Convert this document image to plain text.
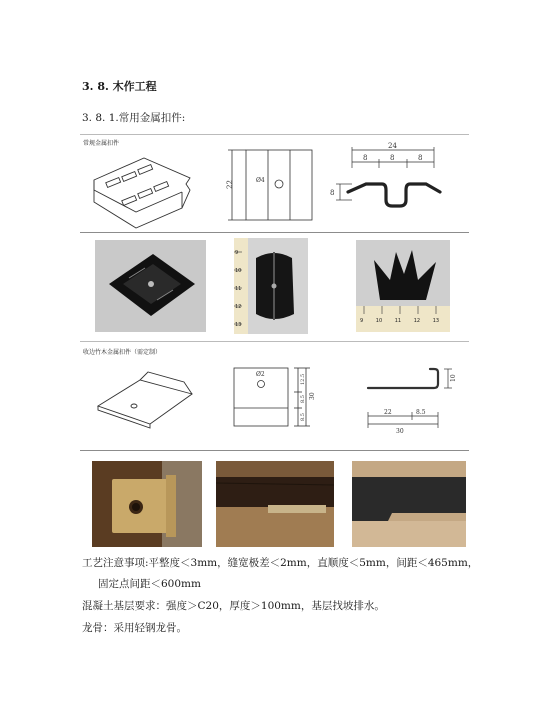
3. 8. 木作工程
3. 8. 1.常用金属扣件:
常规金属扣件
22	Ø4
24
8	8	8
8
9
10
11
12
13
9	10	11	12	13
收边竹木金属扣件（需定制）
Ø2	12.5
8.5
8.5
30
10
22	8.5
30
工艺注意事项:平整度＜3mm，缝宽极差＜2mm，直顺度＜5mm，间距＜465mm，
固定点间距＜600mm
混凝土基层要求：强度＞C20，厚度＞100mm，基层找坡排水。
龙骨：采用轻钢龙骨。
